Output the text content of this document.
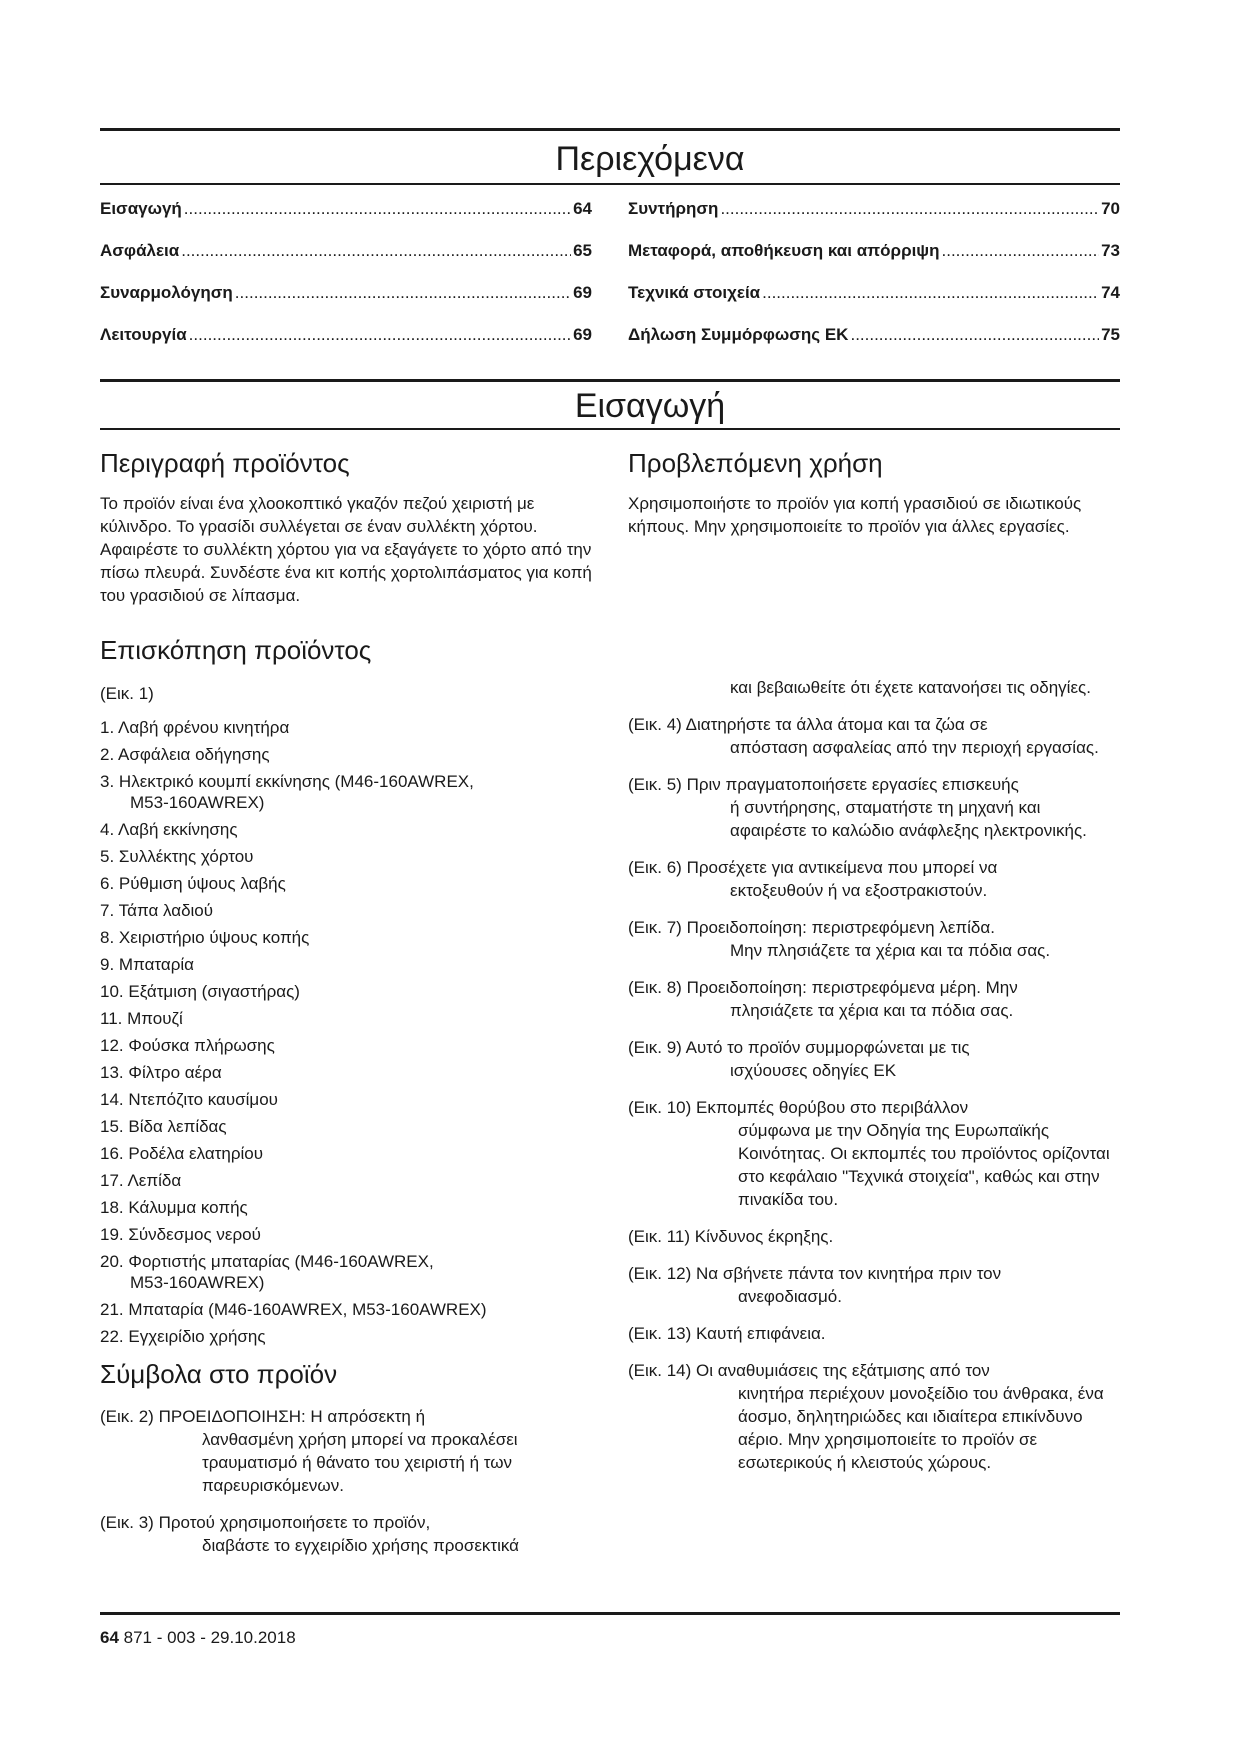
Περιεχόμενα
Εισαγωγή .....	64
Ασφάλεια .....	65
Συναρμολόγηση .....	69
Λειτουργία .....	69
Συντήρηση .....	70
Μεταφορά, αποθήκευση και απόρριψη .....	73
Τεχνικά στοιχεία .....	74
Δήλωση Συμμόρφωσης ΕΚ .....	75
Εισαγωγή
Περιγραφή προϊόντος

Το προϊόν είναι ένα χλοοκοπτικό γκαζόν πεζού χειριστή με κύλινδρο. Το γρασίδι συλλέγεται σε έναν συλλέκτη χόρτου. Αφαιρέστε το συλλέκτη χόρτου για να εξαγάγετε το χόρτο από την πίσω πλευρά. Συνδέστε ένα κιτ κοπής χορτολιπάσματος για κοπή του γρασιδιού σε λίπασμα.

Επισκόπηση προϊόντος
(Εικ. 1)
1. Λαβή φρένου κινητήρα
2. Ασφάλεια οδήγησης
3. Ηλεκτρικό κουμπί εκκίνησης (M46-160AWREX,
M53-160AWREX)
4. Λαβή εκκίνησης
5. Συλλέκτης χόρτου
6. Ρύθμιση ύψους λαβής
7. Τάπα λαδιού
8. Χειριστήριο ύψους κοπής
9. Μπαταρία
10. Εξάτμιση (σιγαστήρας)
11. Μπουζί
12. Φούσκα πλήρωσης
13. Φίλτρο αέρα
14. Ντεπόζιτο καυσίμου
15. Βίδα λεπίδας
16. Ροδέλα ελατηρίου
17. Λεπίδα
18. Κάλυμμα κοπής
19. Σύνδεσμος νερού
20. Φορτιστής μπαταρίας (M46-160AWREX,
M53-160AWREX)
21. Μπαταρία (M46-160AWREX, M53-160AWREX)
22. Εγχειρίδιο χρήσης
Σύμβολα στο προϊόν
(Εικ. 2) ΠΡΟΕΙΔΟΠΟΙΗΣΗ: Η απρόσεκτη ή
λανθασμένη χρήση μπορεί να προκαλέσει τραυματισμό ή θάνατο του χειριστή ή των παρευρισκόμενων.
(Εικ. 3) Προτού χρησιμοποιήσετε το προϊόν,
διαβάστε το εγχειρίδιο χρήσης προσεκτικά
Προβλεπόμενη χρήση

Χρησιμοποιήστε το προϊόν για κοπή γρασιδιού σε ιδιωτικούς κήπους. Μην χρησιμοποιείτε το προϊόν για άλλες εργασίες.

και βεβαιωθείτε ότι έχετε κατανοήσει τις οδηγίες.

(Εικ. 4) Διατηρήστε τα άλλα άτομα και τα ζώα σε
απόσταση ασφαλείας από την περιοχή εργασίας.
(Εικ. 5) Πριν πραγματοποιήσετε εργασίες επισκευής
ή συντήρησης, σταματήστε τη μηχανή και αφαιρέστε το καλώδιο ανάφλεξης ηλεκτρονικής.
(Εικ. 6) Προσέχετε για αντικείμενα που μπορεί να
εκτοξευθούν ή να εξοστρακιστούν.
(Εικ. 7) Προειδοποίηση: περιστρεφόμενη λεπίδα.
Μην πλησιάζετε τα χέρια και τα πόδια σας.
(Εικ. 8) Προειδοποίηση: περιστρεφόμενα μέρη. Μην
πλησιάζετε τα χέρια και τα πόδια σας.
(Εικ. 9) Αυτό το προϊόν συμμορφώνεται με τις
ισχύουσες οδηγίες ΕΚ
(Εικ. 10) Εκπομπές θορύβου στο περιβάλλον
σύμφωνα με την Οδηγία της Ευρωπαϊκής Κοινότητας. Οι εκπομπές του προϊόντος ορίζονται στο κεφάλαιο "Τεχνικά στοιχεία", καθώς και στην πινακίδα του.
(Εικ. 11) Κίνδυνος έκρηξης.
(Εικ. 12) Να σβήνετε πάντα τον κινητήρα πριν τον
ανεφοδιασμό.
(Εικ. 13) Καυτή επιφάνεια.
(Εικ. 14) Οι αναθυμιάσεις της εξάτμισης από τον
κινητήρα περιέχουν μονοξείδιο του άνθρακα, ένα άοσμο, δηλητηριώδες και ιδιαίτερα επικίνδυνο αέριο. Μην χρησιμοποιείτε το προϊόν σε εσωτερικούς ή κλειστούς χώρους.
64 871 - 003 - 29.10.2018
